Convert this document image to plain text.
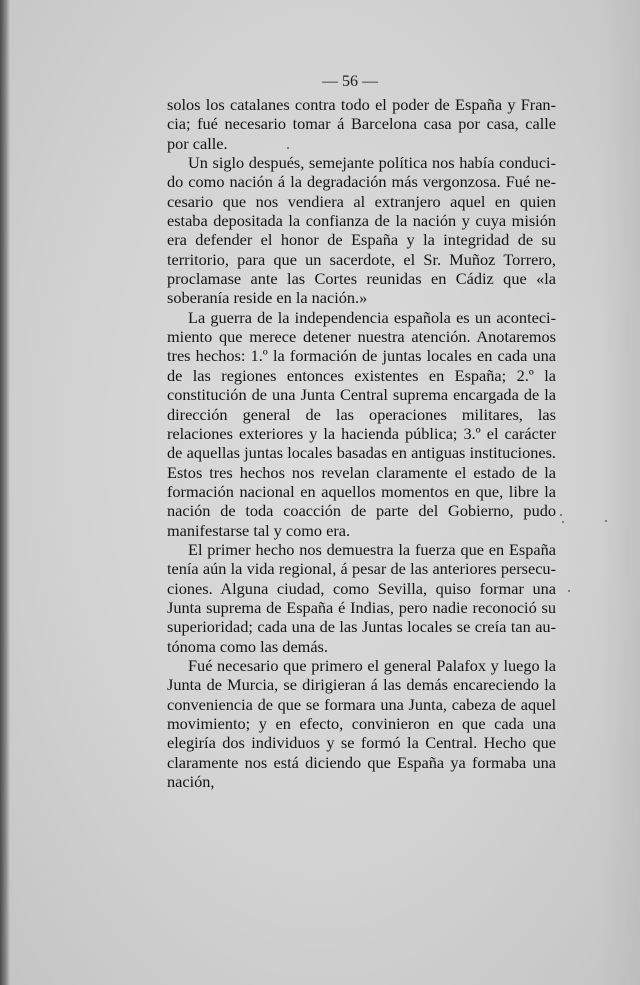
— 56 —

solos los catalanes contra todo el poder de España y Francia; fué necesario tomar á Barcelona casa por casa, calle por calle.

Un siglo después, semejante política nos había conducido como nación á la degradación más vergonzosa. Fué necesario que nos vendiera al extranjero aquel en quien estaba depositada la confianza de la nación y cuya misión era defender el honor de España y la integridad de su territorio, para que un sacerdote, el Sr. Muñoz Torrero, proclamase ante las Cortes reunidas en Cádiz que «la soberanía reside en la nación.»

La guerra de la independencia española es un acontecimiento que merece detener nuestra atención. Anotaremos tres hechos: 1.º la formación de juntas locales en cada una de las regiones entonces existentes en España; 2.º la constitución de una Junta Central suprema encargada de la dirección general de las operaciones militares, las relaciones exteriores y la hacienda pública; 3.º el carácter de aquellas juntas locales basadas en antiguas instituciones. Estos tres hechos nos revelan claramente el estado de la formación nacional en aquellos momentos en que, libre la nación de toda coacción de parte del Gobierno, pudo manifestarse tal y como era.

El primer hecho nos demuestra la fuerza que en España tenía aún la vida regional, á pesar de las anteriores persecuciones. Alguna ciudad, como Sevilla, quiso formar una Junta suprema de España é Indias, pero nadie reconoció su superioridad; cada una de las Juntas locales se creía tan autónoma como las demás.

Fué necesario que primero el general Palafox y luego la Junta de Murcia, se dirigieran á las demás encareciendo la conveniencia de que se formara una Junta, cabeza de aquel movimiento; y en efecto, convinieron en que cada una elegiría dos individuos y se formó la Central. Hecho que claramente nos está diciendo que España ya formaba una nación,
